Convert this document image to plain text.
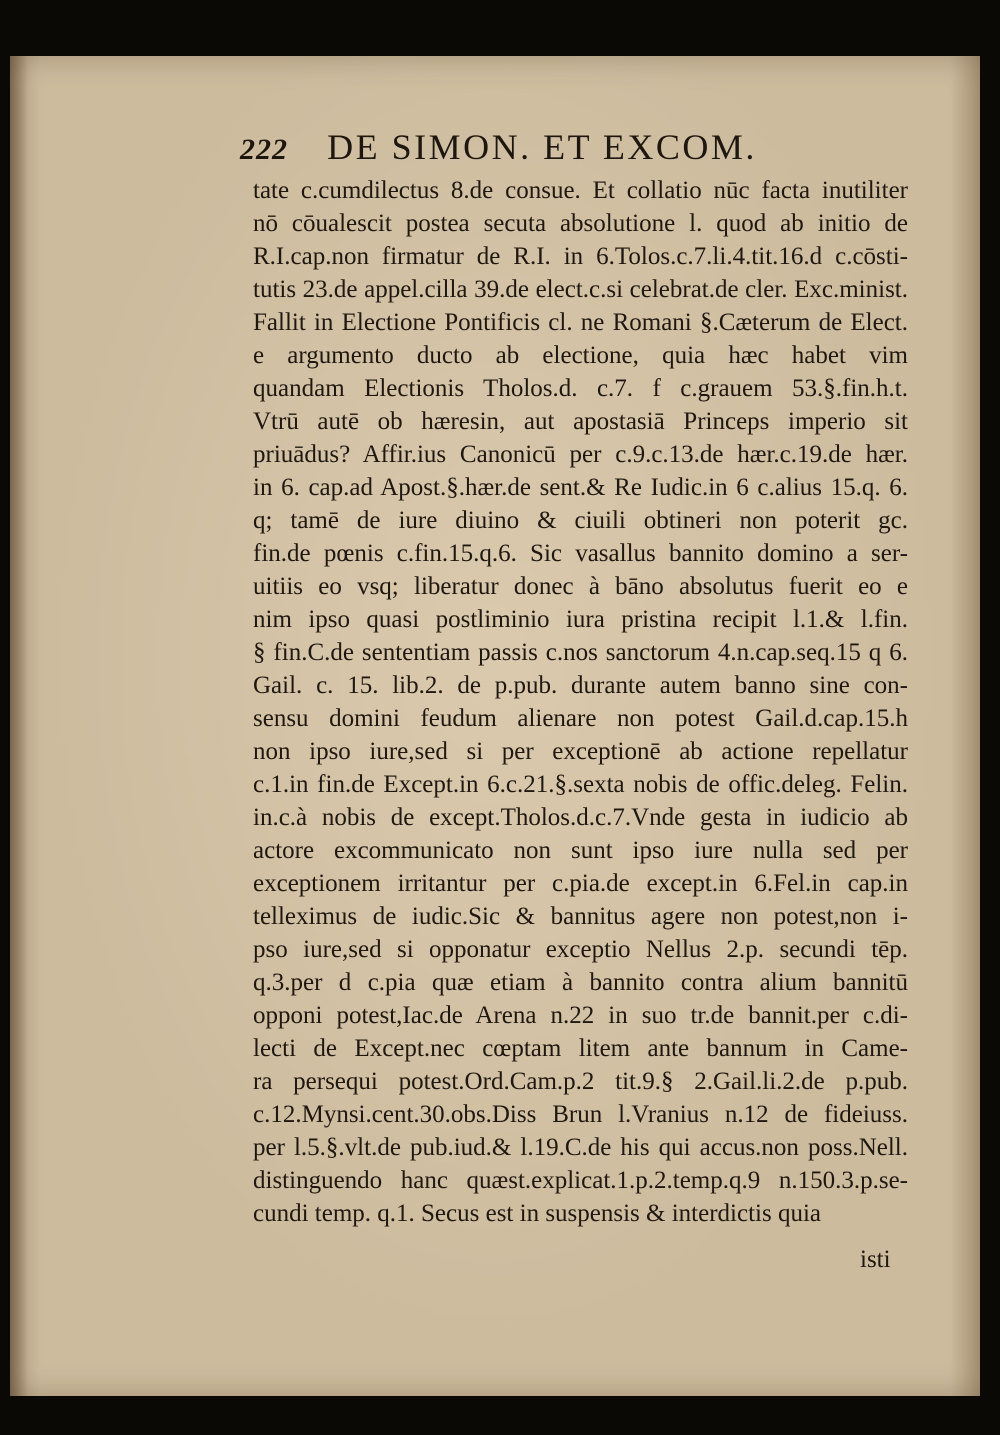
222 DE SIMON. ET EXCOM.
tate c.cumdilectus 8.de consue. Et collatio nūc facta inutiliter
nō cōualescit postea secuta absolutione l. quod ab initio de
R.I.cap.non firmatur de R.I. in 6.Tolos.c.7.li.4.tit.16.d c.cōsti-
tutis 23.de appel.cilla 39.de elect.c.si celebrat.de cler. Exc.minist.
Fallit in Electione Pontificis cl. ne Romani §.Cæterum de Elect.
e argumento ducto ab electione, quia hæc habet vim
quandam Electionis Tholos.d. c.7. f c.grauem 53.§.fin.h.t.
Vtrū autē ob hæresin, aut apostasiā Princeps imperio sit
priuādus? Affir.ius Canonicū per c.9.c.13.de hær.c.19.de hær.
in 6. cap.ad Apost.§.hær.de sent.& Re Iudic.in 6 c.alius 15.q. 6.
q; tamē de iure diuino & ciuili obtineri non poterit gc.
fin.de pœnis c.fin.15.q.6. Sic vasallus bannito domino a ser-
uitiis eo vsq; liberatur donec à bāno absolutus fuerit eo e
nim ipso quasi postliminio iura pristina recipit l.1.& l.fin.
§ fin.C.de sententiam passis c.nos sanctorum 4.n.cap.seq.15 q 6.
Gail. c. 15. lib.2. de p.pub. durante autem banno sine con-
sensu domini feudum alienare non potest Gail.d.cap.15.h
non ipso iure,sed si per exceptionē ab actione repellatur
c.1.in fin.de Except.in 6.c.21.§.sexta nobis de offic.deleg. Felin.
in.c.à nobis de except.Tholos.d.c.7.Vnde gesta in iudicio ab
actore excommunicato non sunt ipso iure nulla sed per
exceptionem irritantur per c.pia.de except.in 6.Fel.in cap.in
telleximus de iudic.Sic & bannitus agere non potest,non i-
pso iure,sed si opponatur exceptio Nellus 2.p. secundi tēp.
q.3.per d c.pia quæ etiam à bannito contra alium bannitū
opponi potest,Iac.de Arena n.22 in suo tr.de bannit.per c.di-
lecti de Except.nec cœptam litem ante bannum in Came-
ra persequi potest.Ord.Cam.p.2 tit.9.§ 2.Gail.li.2.de p.pub.
c.12.Mynsi.cent.30.obs.Diss Brun l.Vranius n.12 de fideiuss.
per l.5.§.vlt.de pub.iud.& l.19.C.de his qui accus.non poss.Nell.
distinguendo hanc quæst.explicat.1.p.2.temp.q.9 n.150.3.p.se-
cundi temp. q.1. Secus est in suspensis & interdictis quia
isti
